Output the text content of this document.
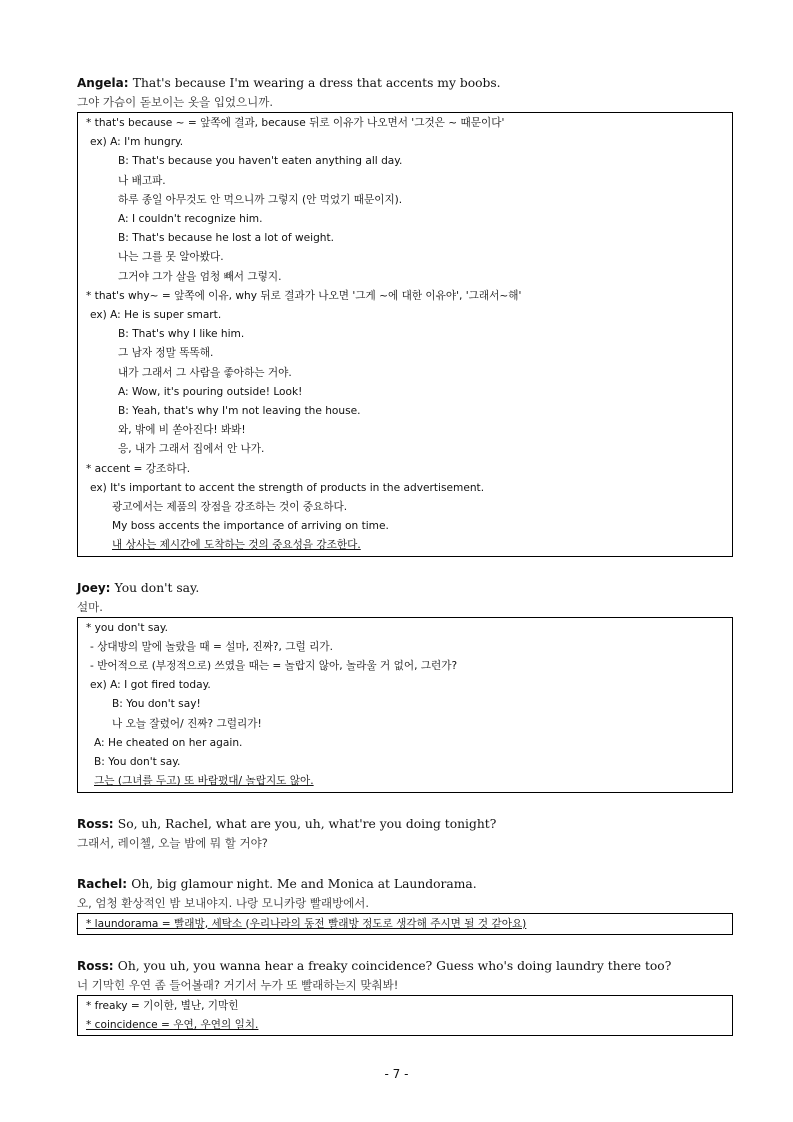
Angela: That's because I'm wearing a dress that accents my boobs.
그야 가슴이 돋보이는 옷을 입었으니까.
* that's because ~ = 앞쪽에 결과, because 뒤로 이유가 나오면서 '그것은 ~ 때문이다'
ex) A: I'm hungry.
B: That's because you haven't eaten anything all day.
나 배고파.
하루 종일 아무것도 안 먹으니까 그렇지 (안 먹었기 때문이지).
A: I couldn't recognize him.
B: That's because he lost a lot of weight.
나는 그를 못 알아봤다.
그거야 그가 살을 엄청 빼서 그렇지.
* that's why~ = 앞쪽에 이유, why 뒤로 결과가 나오면 '그게 ~에 대한 이유야', '그래서~해'
ex) A: He is super smart.
B: That's why I like him.
그 남자 정말 똑똑해.
내가 그래서 그 사람을 좋아하는 거야.
A: Wow, it's pouring outside! Look!
B: Yeah, that's why I'm not leaving the house.
와, 밖에 비 쏟아진다! 봐봐!
응, 내가 그래서 집에서 안 나가.
* accent = 강조하다.
ex) It's important to accent the strength of products in the advertisement.
광고에서는 제품의 장점을 강조하는 것이 중요하다.
My boss accents the importance of arriving on time.
내 상사는 제시간에 도착하는 것의 중요성을 강조한다.
Joey: You don't say.
설마.
* you don't say.
- 상대방의 말에 놀랐을 때 = 설마, 진짜?, 그럴 리가.
- 반어적으로 (부정적으로) 쓰였을 때는 = 놀랍지 않아, 놀라울 거 없어, 그런가?
ex) A: I got fired today.
B: You don't say!
나 오늘 잘렸어/ 진짜? 그럴리가!
A: He cheated on her again.
B: You don't say.
그는 (그녀를 두고) 또 바람폈대/ 놀랍지도 않아.
Ross: So, uh, Rachel, what are you, uh, what're you doing tonight?
그래서, 레이첼, 오늘 밤에 뭐 할 거야?
Rachel: Oh, big glamour night. Me and Monica at Laundorama.
오, 엄청 환상적인 밤 보내야지. 나랑 모니카랑 빨래방에서.
* laundorama = 빨래방, 세탁소 (우리나라의 동전 빨래방 정도로 생각해 주시면 될 것 같아요)
Ross: Oh, you uh, you wanna hear a freaky coincidence? Guess who's doing laundry there too?
너 기막힌 우연 좀 들어볼래? 거기서 누가 또 빨래하는지 맞춰봐!
* freaky = 기이한, 별난, 기막힌
* coincidence = 우연, 우연의 일치.
- 7 -
